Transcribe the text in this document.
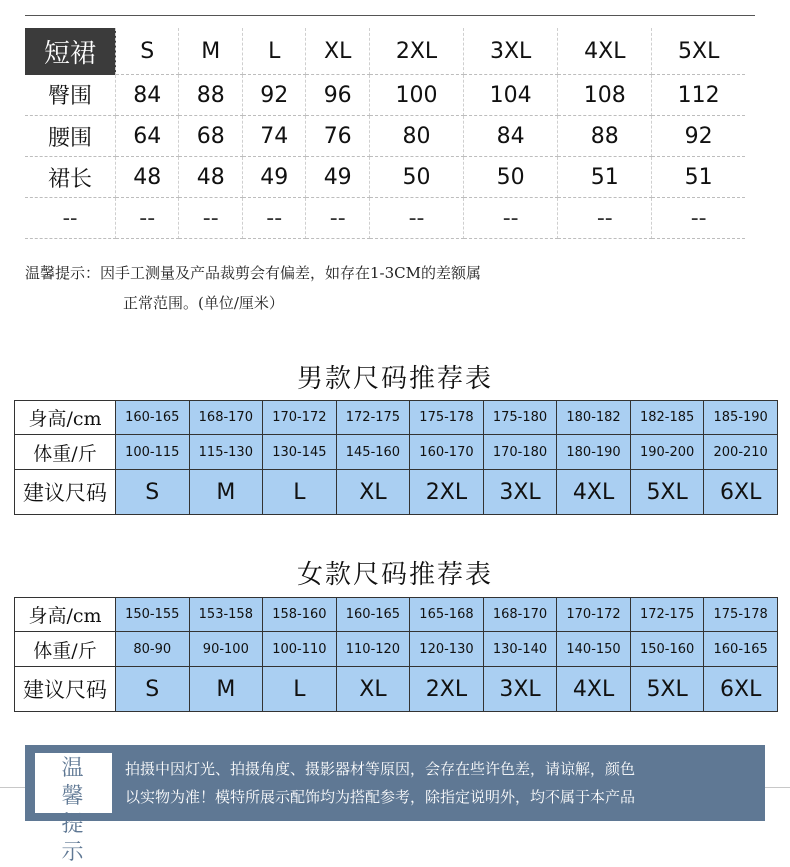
短裙	S	M	L	XL	2XL	3XL	4XL	5XL
臀围	84	88	92	96	100	104	108	112
腰围	64	68	74	76	80	84	88	92
裙长	48	48	49	49	50	50	51	51
--	--	--	--	--	--	--	--	--
温馨提示：因手工测量及产品裁剪会有偏差，如存在1-3CM的差额属
正常范围。(单位/厘米）
男款尺码推荐表
身高/cm	160-165	168-170	170-172	172-175	175-178	175-180	180-182	182-185	185-190
体重/斤	100-115	115-130	130-145	145-160	160-170	170-180	180-190	190-200	200-210
建议尺码	S	M	L	XL	2XL	3XL	4XL	5XL	6XL
女款尺码推荐表
身高/cm	150-155	153-158	158-160	160-165	165-168	168-170	170-172	172-175	175-178
体重/斤	80-90	90-100	100-110	110-120	120-130	130-140	140-150	150-160	160-165
建议尺码	S	M	L	XL	2XL	3XL	4XL	5XL	6XL
温馨
提示
拍摄中因灯光、拍摄角度、摄影器材等原因，会存在些许色差，请谅解，颜色
以实物为准！模特所展示配饰均为搭配参考，除指定说明外，均不属于本产品
